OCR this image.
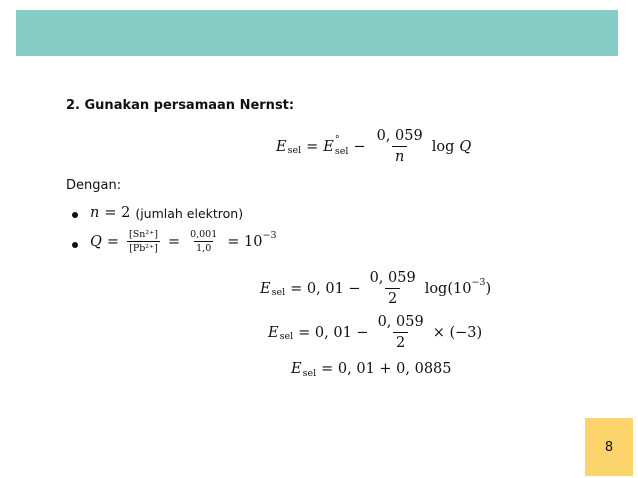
2. Gunakan persamaan Nernst:
E sel = E °
sel − $\frac{0, 059}{n}$ log Q
Dengan:
n = 2 (jumlah elektron)
$Q = \frac{\text{[Sn²⁺]}}{\text{[Pb²⁺]}} = \frac{0,001}{1,0} = 10 -3$
E sel = 0, $01 - \frac{0, 059}{2} \log(10 -3$ )
E sel = 0, $01 - \frac{0, 059}{2} \times (-3)$
E sel = 0, 01 + 0, 0885
8
